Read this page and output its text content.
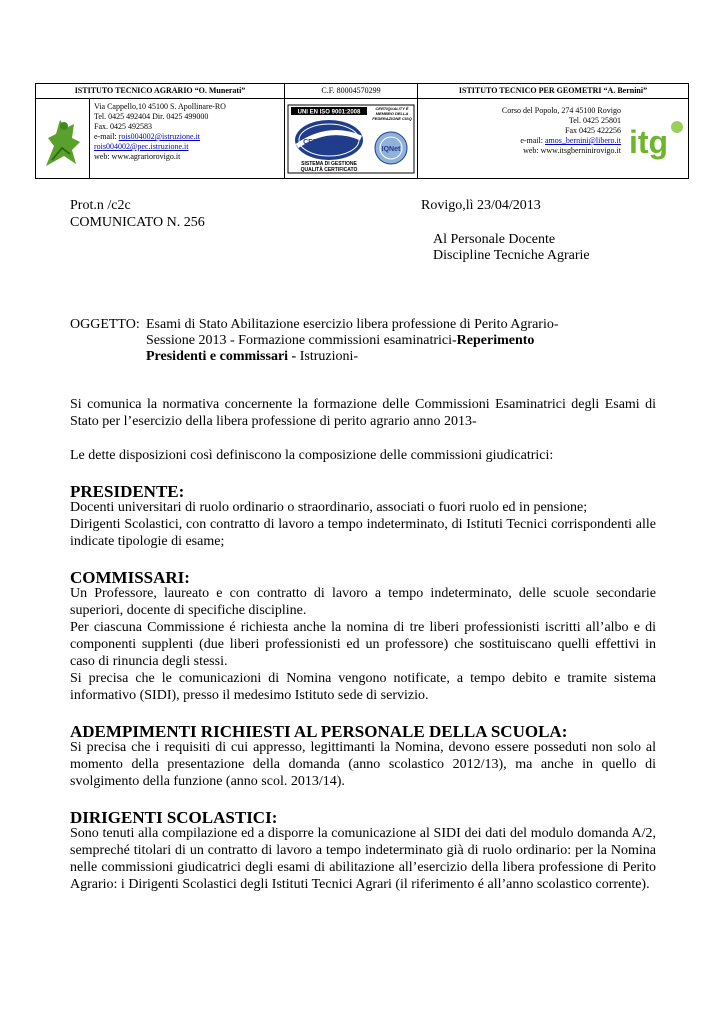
ISTITUTO TECNICO AGRARIO “O. Munerati”	C.F. 80004570299	ISTITUTO TECNICO PER GEOMETRI “A. Bernini”
Via Cappello,10 45100 S. Apollinare-RO
Tel. 0425 492404 Dir. 0425 499000
Fax. 0425 492583
e-mail: rois004002@istruzione.it
rois004002@pec.istruzione.it
web: www.agrariorovigo.it
UNI EN ISO 9001:2008
CERTIQUALITY
SISTEMA DI GESTIONE
QUALITÀ CERTIFICATO
CERTIQUALITY È MEMBRO DELLA FEDERAZIONE CISQ
IQNet
Corso del Popolo, 274 45100 Rovigo
Tel. 0425 25801
Fax 0425 422256
e-mail: amos_bernini@libero.it
web: www.itsgberninirovigo.it itg
Prot.n /c2c
COMUNICATO N. 256
Rovigo,lì 23/04/2013
Al Personale Docente
Discipline Tecniche Agrarie
OGGETTO: Esami di Stato Abilitazione esercizio libera professione di Perito Agrario-
Sessione 2013 - Formazione commissioni esaminatrici-Reperimento
Presidenti e commissari - Istruzioni-
Si comunica la normativa concernente la formazione delle Commissioni Esaminatrici degli Esami di Stato per l’esercizio della libera professione di perito agrario anno 2013-
Le dette disposizioni così definiscono la composizione delle commissioni giudicatrici:
PRESIDENTE:
Docenti universitari di ruolo ordinario o straordinario, associati o fuori ruolo ed in pensione;
Dirigenti Scolastici, con contratto di lavoro a tempo indeterminato, di Istituti Tecnici corrispondenti alle indicate tipologie di esame;
COMMISSARI:
Un Professore, laureato e con contratto di lavoro a tempo indeterminato, delle scuole secondarie superiori, docente di specifiche discipline.
Per ciascuna Commissione é richiesta anche la nomina di tre liberi professionisti iscritti all’albo e di componenti supplenti (due liberi professionisti ed un professore) che sostituiscano quelli effettivi in caso di rinuncia degli stessi.
Si precisa che le comunicazioni di Nomina vengono notificate, a tempo debito e tramite sistema informativo (SIDI), presso il medesimo Istituto sede di servizio.
ADEMPIMENTI RICHIESTI AL PERSONALE DELLA SCUOLA:
Si precisa che i requisiti di cui appresso, legittimanti la Nomina, devono essere posseduti non solo al momento della presentazione della domanda (anno scolastico 2012/13), ma anche in quello di svolgimento della funzione (anno scol. 2013/14).
DIRIGENTI SCOLASTICI:
Sono tenuti alla compilazione ed a disporre la comunicazione al SIDI dei dati del modulo domanda A/2, sempreché titolari di un contratto di lavoro a tempo indeterminato già di ruolo ordinario: per la Nomina nelle commissioni giudicatrici degli esami di abilitazione all’esercizio della libera professione di Perito Agrario: i Dirigenti Scolastici degli Istituti Tecnici Agrari (il riferimento é all’anno scolastico corrente).
